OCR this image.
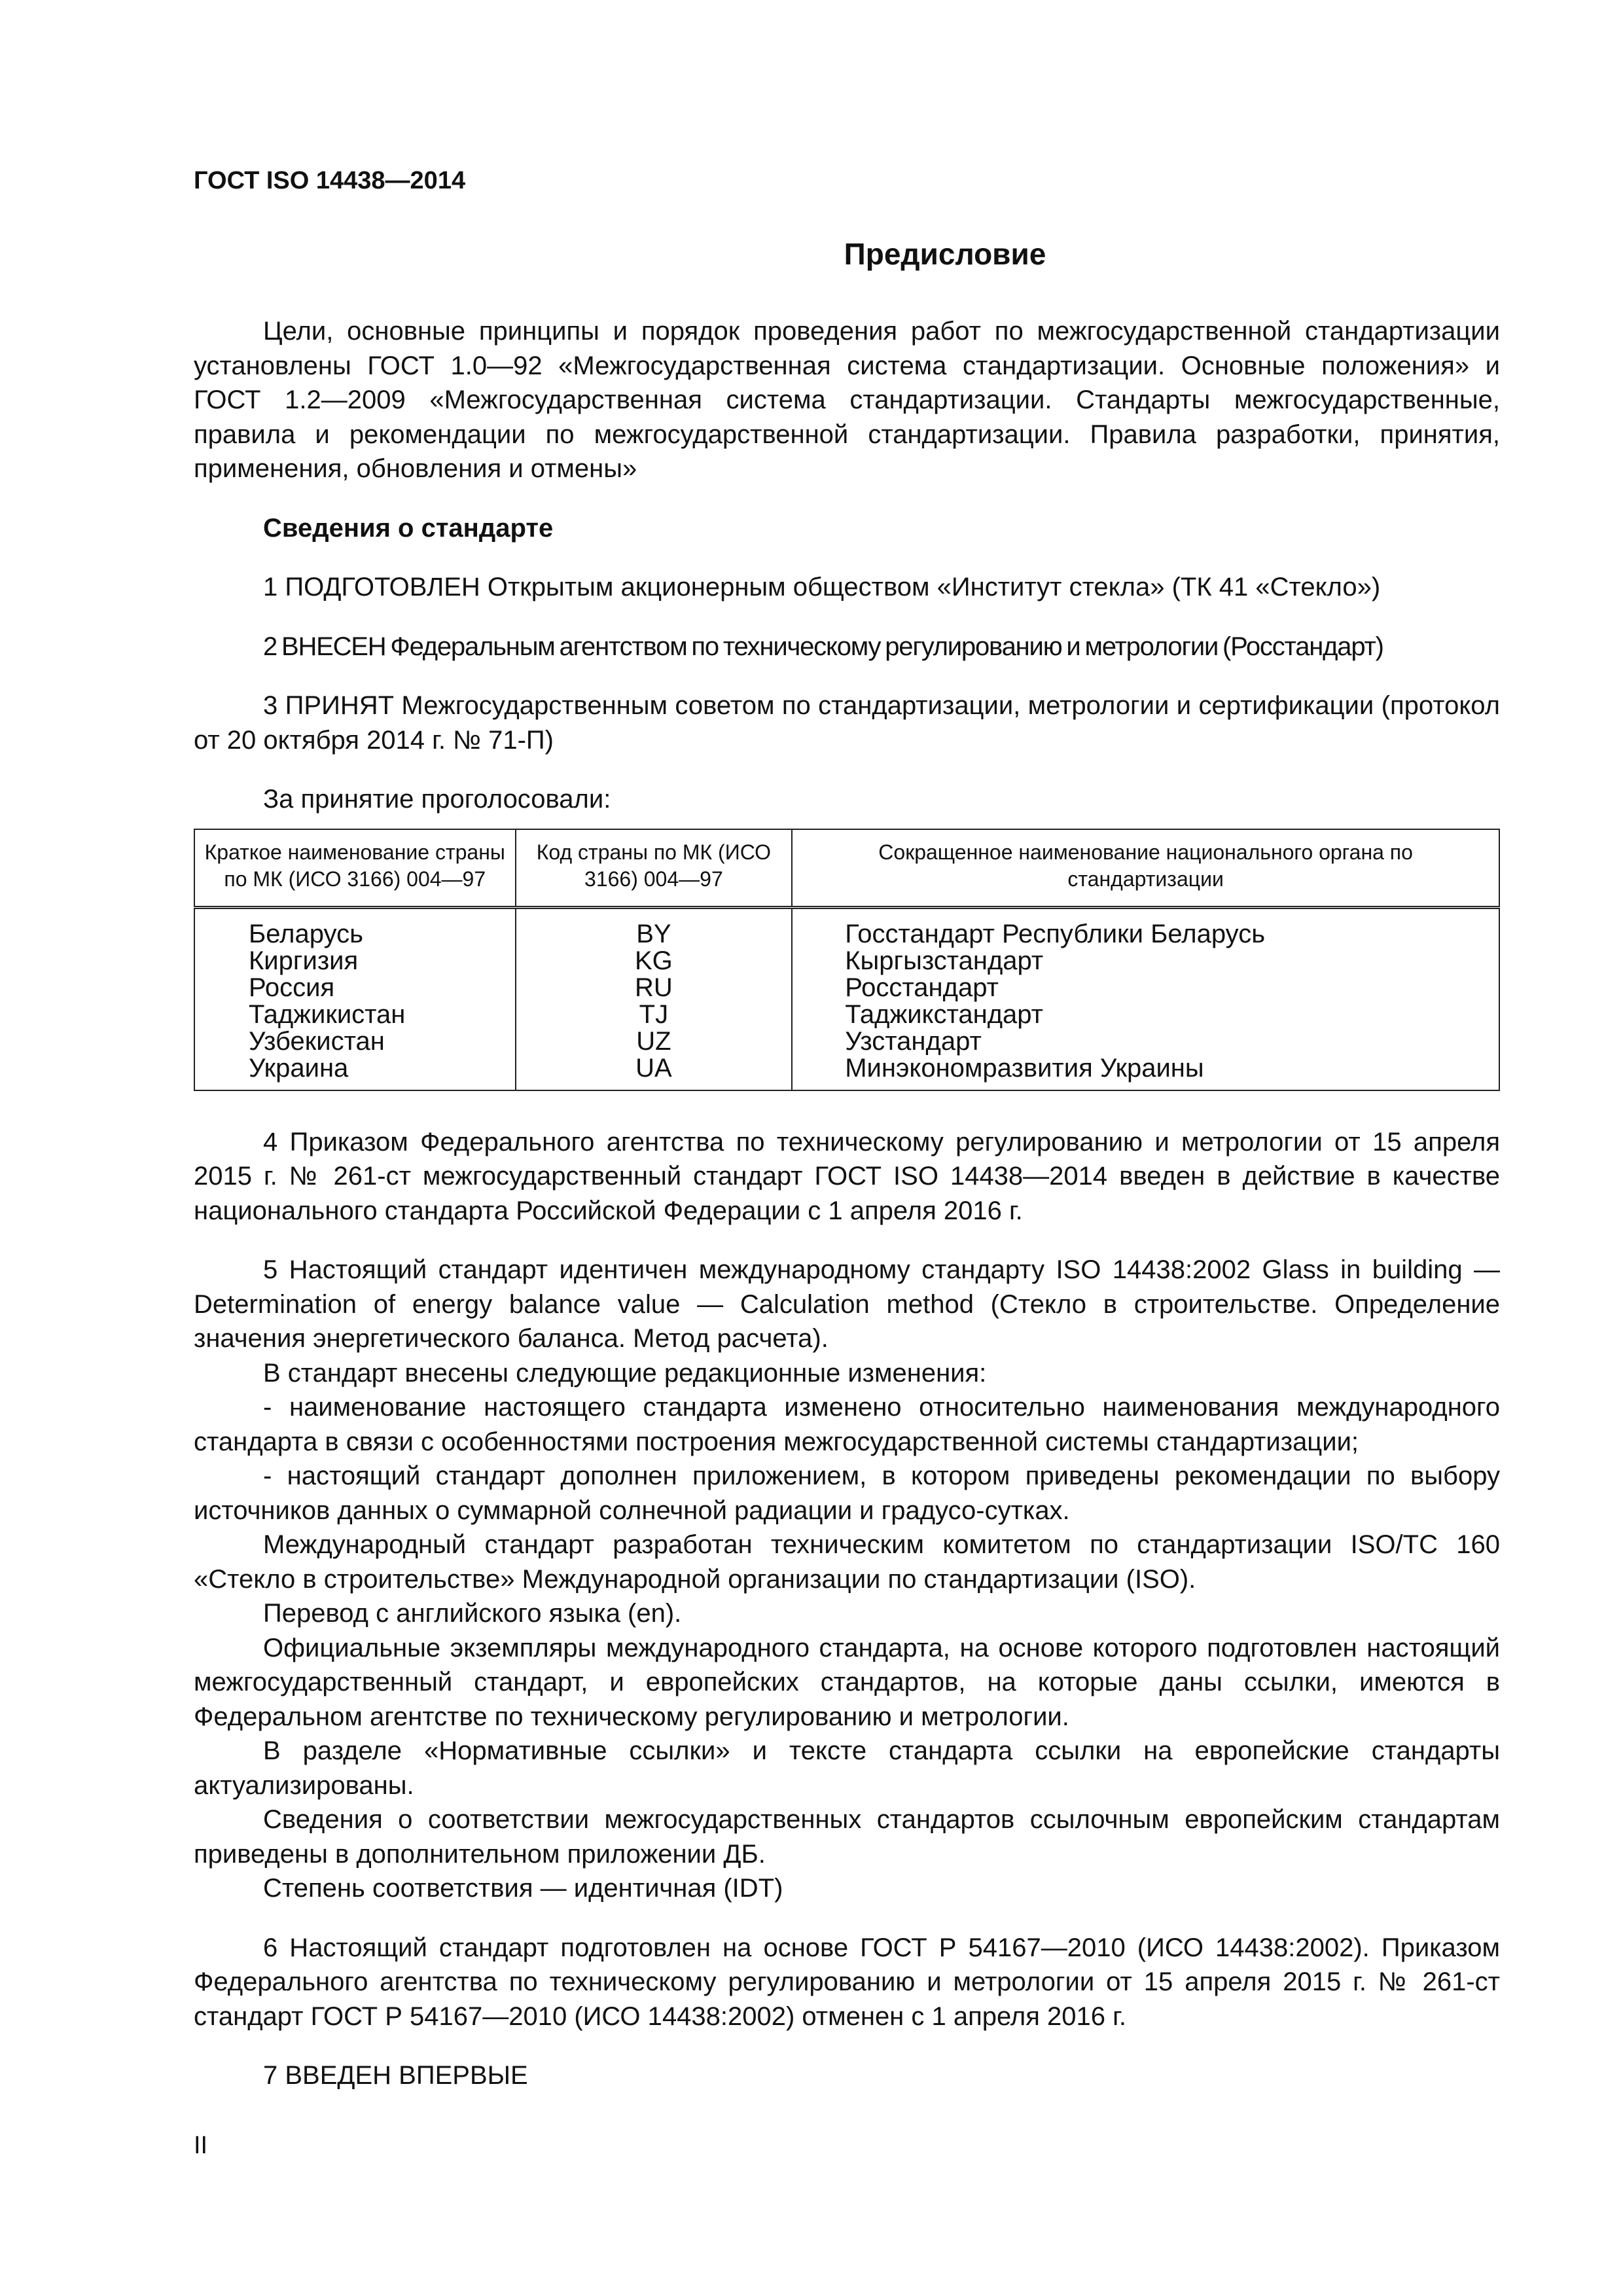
ГОСТ ISO 14438—2014

Предисловие

Цели, основные принципы и порядок проведения работ по межгосударственной стандартизации установлены ГОСТ 1.0—92 «Межгосударственная система стандартизации. Основные положения» и ГОСТ 1.2—2009 «Межгосударственная система стандартизации. Стандарты межгосударственные, правила и рекомендации по межгосударственной стандартизации. Правила разработки, принятия, применения, обновления и отмены»

Сведения о стандарте

1 ПОДГОТОВЛЕН Открытым акционерным обществом «Институт стекла» (ТК 41 «Стекло»)

2 ВНЕСЕН Федеральным агентством по техническому регулированию и метрологии (Росстандарт)

3 ПРИНЯТ Межгосударственным советом по стандартизации, метрологии и сертификации (протокол от 20 октября 2014 г. № 71-П)

За принятие проголосовали:

Краткое наименование страны по МК (ИСО 3166) 004—97	Код страны по МК (ИСО 3166) 004—97	Сокращенное наименование национального органа по стандартизации
Беларусь	BY	Госстандарт Республики Беларусь
Киргизия	KG	Кыргызстандарт
Россия	RU	Росстандарт
Таджикистан	TJ	Таджикстандарт
Узбекистан	UZ	Узстандарт
Украина	UA	Минэкономразвития Украины

4 Приказом Федерального агентства по техническому регулированию и метрологии от 15 апреля 2015 г. № 261-ст межгосударственный стандарт ГОСТ ISO 14438—2014 введен в действие в качестве национального стандарта Российской Федерации с 1 апреля 2016 г.

5 Настоящий стандарт идентичен международному стандарту ISO 14438:2002 Glass in building — Determination of energy balance value — Calculation method (Стекло в строительстве. Определение значения энергетического баланса. Метод расчета).

В стандарт внесены следующие редакционные изменения:

- наименование настоящего стандарта изменено относительно наименования международного стандарта в связи с особенностями построения межгосударственной системы стандартизации;

- настоящий стандарт дополнен приложением, в котором приведены рекомендации по выбору источников данных о суммарной солнечной радиации и градусо-сутках.

Международный стандарт разработан техническим комитетом по стандартизации ISO/TC 160 «Стекло в строительстве» Международной организации по стандартизации (ISO).

Перевод с английского языка (en).

Официальные экземпляры международного стандарта, на основе которого подготовлен настоящий межгосударственный стандарт, и европейских стандартов, на которые даны ссылки, имеются в Федеральном агентстве по техническому регулированию и метрологии.

В разделе «Нормативные ссылки» и тексте стандарта ссылки на европейские стандарты актуализированы.

Сведения о соответствии межгосударственных стандартов ссылочным европейским стандартам приведены в дополнительном приложении ДБ.

Степень соответствия — идентичная (IDT)

6 Настоящий стандарт подготовлен на основе ГОСТ Р 54167—2010 (ИСО 14438:2002). Приказом Федерального агентства по техническому регулированию и метрологии от 15 апреля 2015 г. № 261-ст стандарт ГОСТ Р 54167—2010 (ИСО 14438:2002) отменен с 1 апреля 2016 г.

7 ВВЕДЕН ВПЕРВЫЕ

II
